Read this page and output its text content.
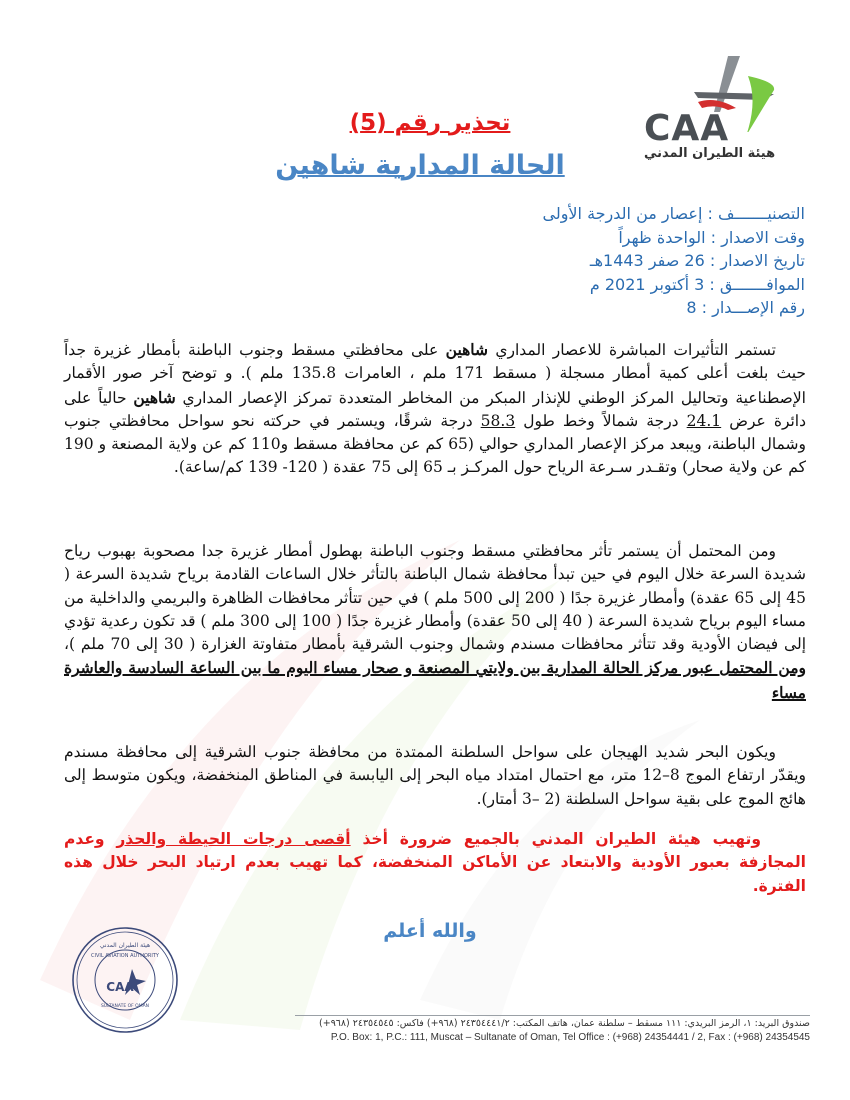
CAA
هيئة الطيران المدني
تحذير رقم (5)
الحالة المدارية شاهين
التصنيـــــــف : إعصار من الدرجة الأولى
وقت الاصدار : الواحدة ظهراً
تاريخ الاصدار : 26 صفر 1443هـ
الموافـــــــق : 3 أكتوبر 2021 م
رقم الإصـــدار : 8
تستمر التأثيرات المباشرة للاعصار المداري شاهين على محافظتي مسقط وجنوب الباطنة بأمطار غزيرة جداً حيث بلغت أعلى كمية أمطار مسجلة ( مسقط 171 ملم ، العامرات 135.8 ملم ). و توضح آخر صور الأقمار الإصطناعية وتحاليل المركز الوطني للإنذار المبكر من المخاطر المتعددة تمركز الإعصار المداري شاهين حالياً على دائرة عرض 24.1 درجة شمالاً وخط طول 58.3 درجة شرقًا، ويستمر في حركته نحو سواحل محافظتي جنوب وشمال الباطنة، ويبعد مركز الإعصار المداري حوالي (65 كم عن محافظة مسقط و110 كم عن ولاية المصنعة و 190 كم عن ولاية صحار) وتقـدر سـرعة الرياح حول المركـز بـ 65 إلى 75 عقدة ( 120- 139 كم/ساعة).
ومن المحتمل أن يستمر تأثر محافظتي مسقط وجنوب الباطنة بهطول أمطار غزيرة جدا مصحوبة بهبوب رياح شديدة السرعة خلال اليوم في حين تبدأ محافظة شمال الباطنة بالتأثر خلال الساعات القادمة برياح شديدة السرعة ( 45 إلى 65 عقدة) وأمطار غزيرة جدًا ( 200 إلى 500 ملم ) في حين تتأثر محافظات الظاهرة والبريمي والداخلية من مساء اليوم برياح شديدة السرعة ( 40 إلى 50 عقدة) وأمطار غزيرة جدًا ( 100 إلى 300 ملم ) قد تكون رعدية تؤدي إلى فيضان الأودية وقد تتأثر محافظات مسندم وشمال وجنوب الشرقية بأمطار متفاوتة الغزارة ( 30 إلى 70 ملم )، ومن المحتمل عبور مركز الحالة المدارية بين ولايتي المصنعة و صحار مساء اليوم ما بين الساعة السادسة والعاشرة مساء
ويكون البحر شديد الهيجان على سواحل السلطنة الممتدة من محافظة جنوب الشرقية إلى محافظة مسندم ويقدّر ارتفاع الموج 8–12 متر، مع احتمال امتداد مياه البحر إلى اليابسة في المناطق المنخفضة، ويكون متوسط إلى هائج الموج على بقية سواحل السلطنة (2 –3 أمتار).
وتهيب هيئة الطيران المدني بالجميع ضرورة أخذ أقصى درجات الحيطة والحذر وعدم المجازفة بعبور الأودية والابتعاد عن الأماكن المنخفضة، كما تهيب بعدم ارتياد البحر خلال هذه الفترة.
والله أعلم
هيئة الطيران المدني
CIVIL AVIATION AUTHORITY
CAA
SULTANATE OF OMAN
صندوق البريد: ١، الرمز البريدي: ١١١ مسقط – سلطنة عمان، هاتف المكتب: ٢٤٣٥٤٤٤١/٢ (٩٦٨+) فاكس: ٢٤٣٥٤٥٤٥ (٩٦٨+)
P.O. Box: 1, P.C.: 111, Muscat – Sultanate of Oman, Tel Office : (+968) 24354441 / 2, Fax : (+968) 24354545
